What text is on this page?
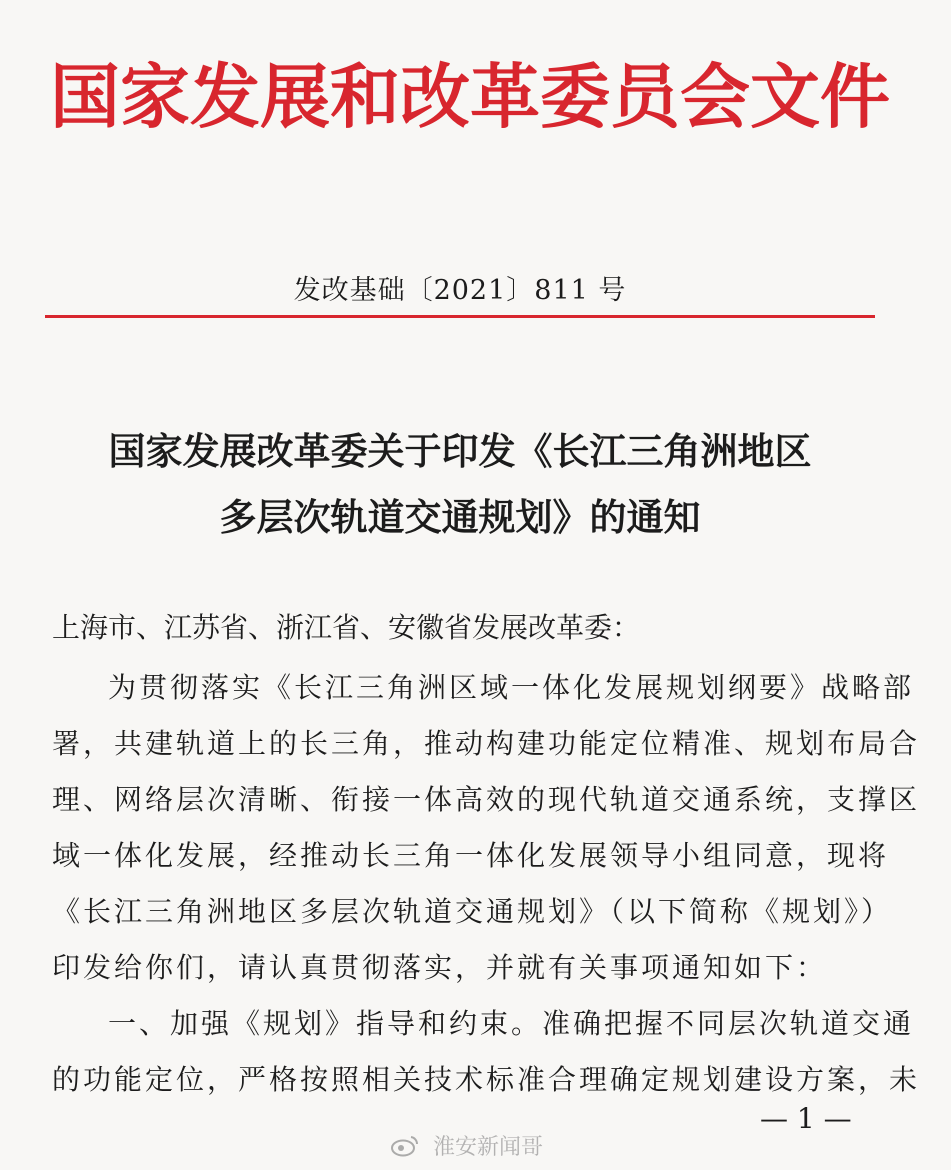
国家发展和改革委员会文件
发改基础〔2021〕811 号
国家发展改革委关于印发《长江三角洲地区
多层次轨道交通规划》的通知
上海市、江苏省、浙江省、安徽省发展改革委：
为贯彻落实《长江三角洲区域一体化发展规划纲要》战略部
署，共建轨道上的长三角，推动构建功能定位精准、规划布局合
理、网络层次清晰、衔接一体高效的现代轨道交通系统，支撑区
域一体化发展，经推动长三角一体化发展领导小组同意，现将
《长江三角洲地区多层次轨道交通规划》（以下简称《规划》）
印发给你们，请认真贯彻落实，并就有关事项通知如下：
一、加强《规划》指导和约束。准确把握不同层次轨道交通
的功能定位，严格按照相关技术标准合理确定规划建设方案，未
— 1 —
淮安新闻哥
